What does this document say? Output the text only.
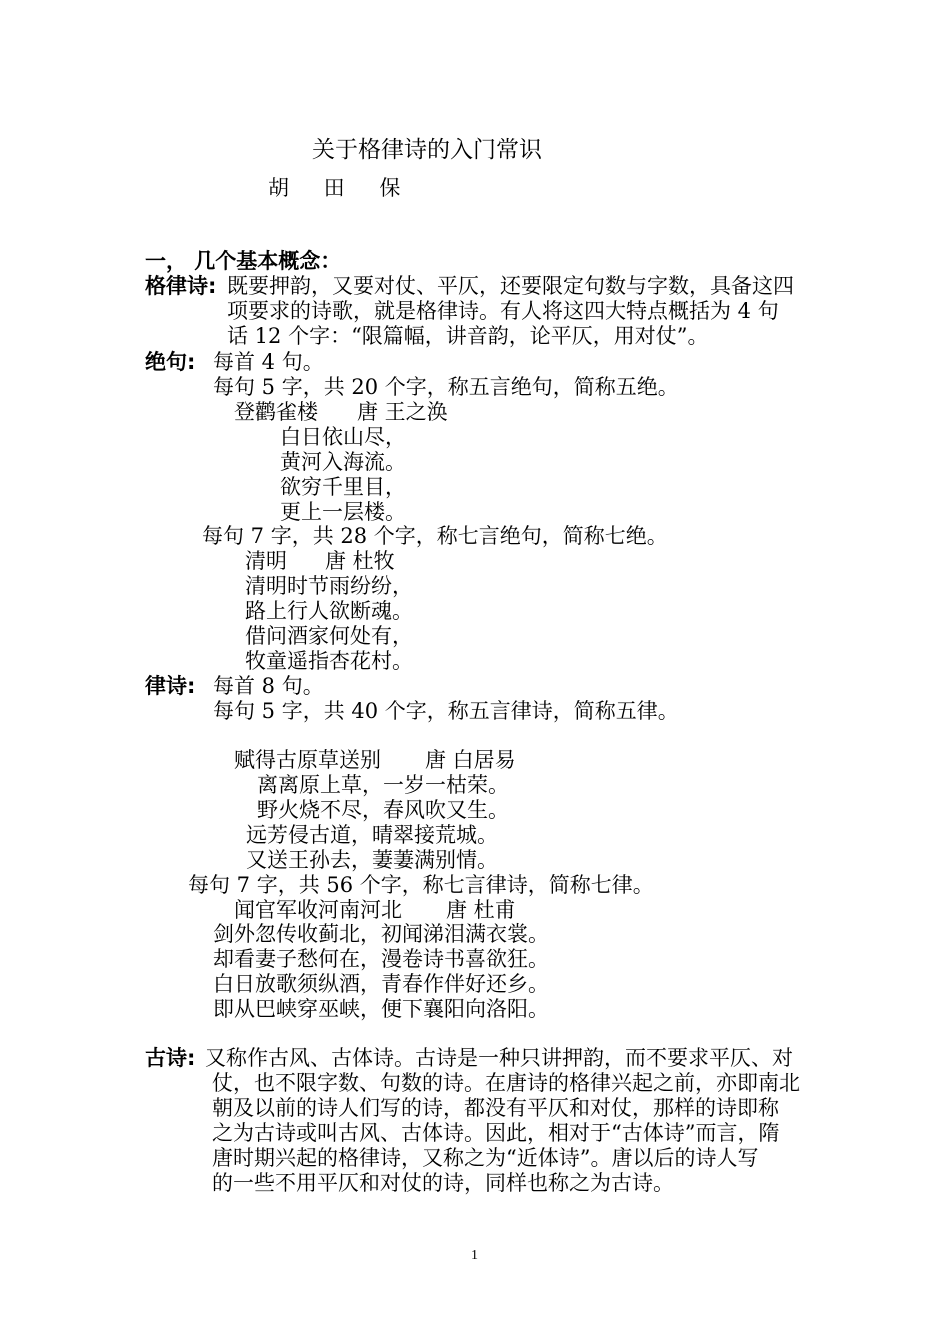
关于格律诗的入门常识
胡 田 保
一， 几个基本概念：
格律诗: 既要押韵，又要对仗、平仄，还要限定句数与字数，具备这四
项要求的诗歌，就是格律诗。有人将这四大特点概括为 4 句
话 12 个字：“限篇幅，讲音韵，论平仄，用对仗”。
绝句: 每首 4 句。
每句 5 字，共 20 个字，称五言绝句，简称五绝。
登鹳雀楼 唐 王之涣
白日依山尽，
黄河入海流。
欲穷千里目，
更上一层楼。
每句 7 字，共 28 个字，称七言绝句，简称七绝。
清明 唐 杜牧
清明时节雨纷纷，
路上行人欲断魂。
借问酒家何处有，
牧童遥指杏花村。
律诗: 每首 8 句。
每句 5 字，共 40 个字，称五言律诗，简称五律。
赋得古原草送别 唐 白居易
离离原上草，一岁一枯荣。
野火烧不尽，春风吹又生。
远芳侵古道，晴翠接荒城。
又送王孙去，萋萋满别情。
每句 7 字，共 56 个字，称七言律诗，简称七律。
闻官军收河南河北 唐 杜甫
剑外忽传收蓟北，初闻涕泪满衣裳。
却看妻子愁何在，漫卷诗书喜欲狂。
白日放歌须纵酒，青春作伴好还乡。
即从巴峡穿巫峡，便下襄阳向洛阳。
古诗: 又称作古风、古体诗。古诗是一种只讲押韵，而不要求平仄、对
仗，也不限字数、句数的诗。在唐诗的格律兴起之前，亦即南北
朝及以前的诗人们写的诗，都没有平仄和对仗，那样的诗即称
之为古诗或叫古风、古体诗。因此，相对于“古体诗”而言，隋
唐时期兴起的格律诗，又称之为“近体诗”。唐以后的诗人写
的一些不用平仄和对仗的诗，同样也称之为古诗。
1
